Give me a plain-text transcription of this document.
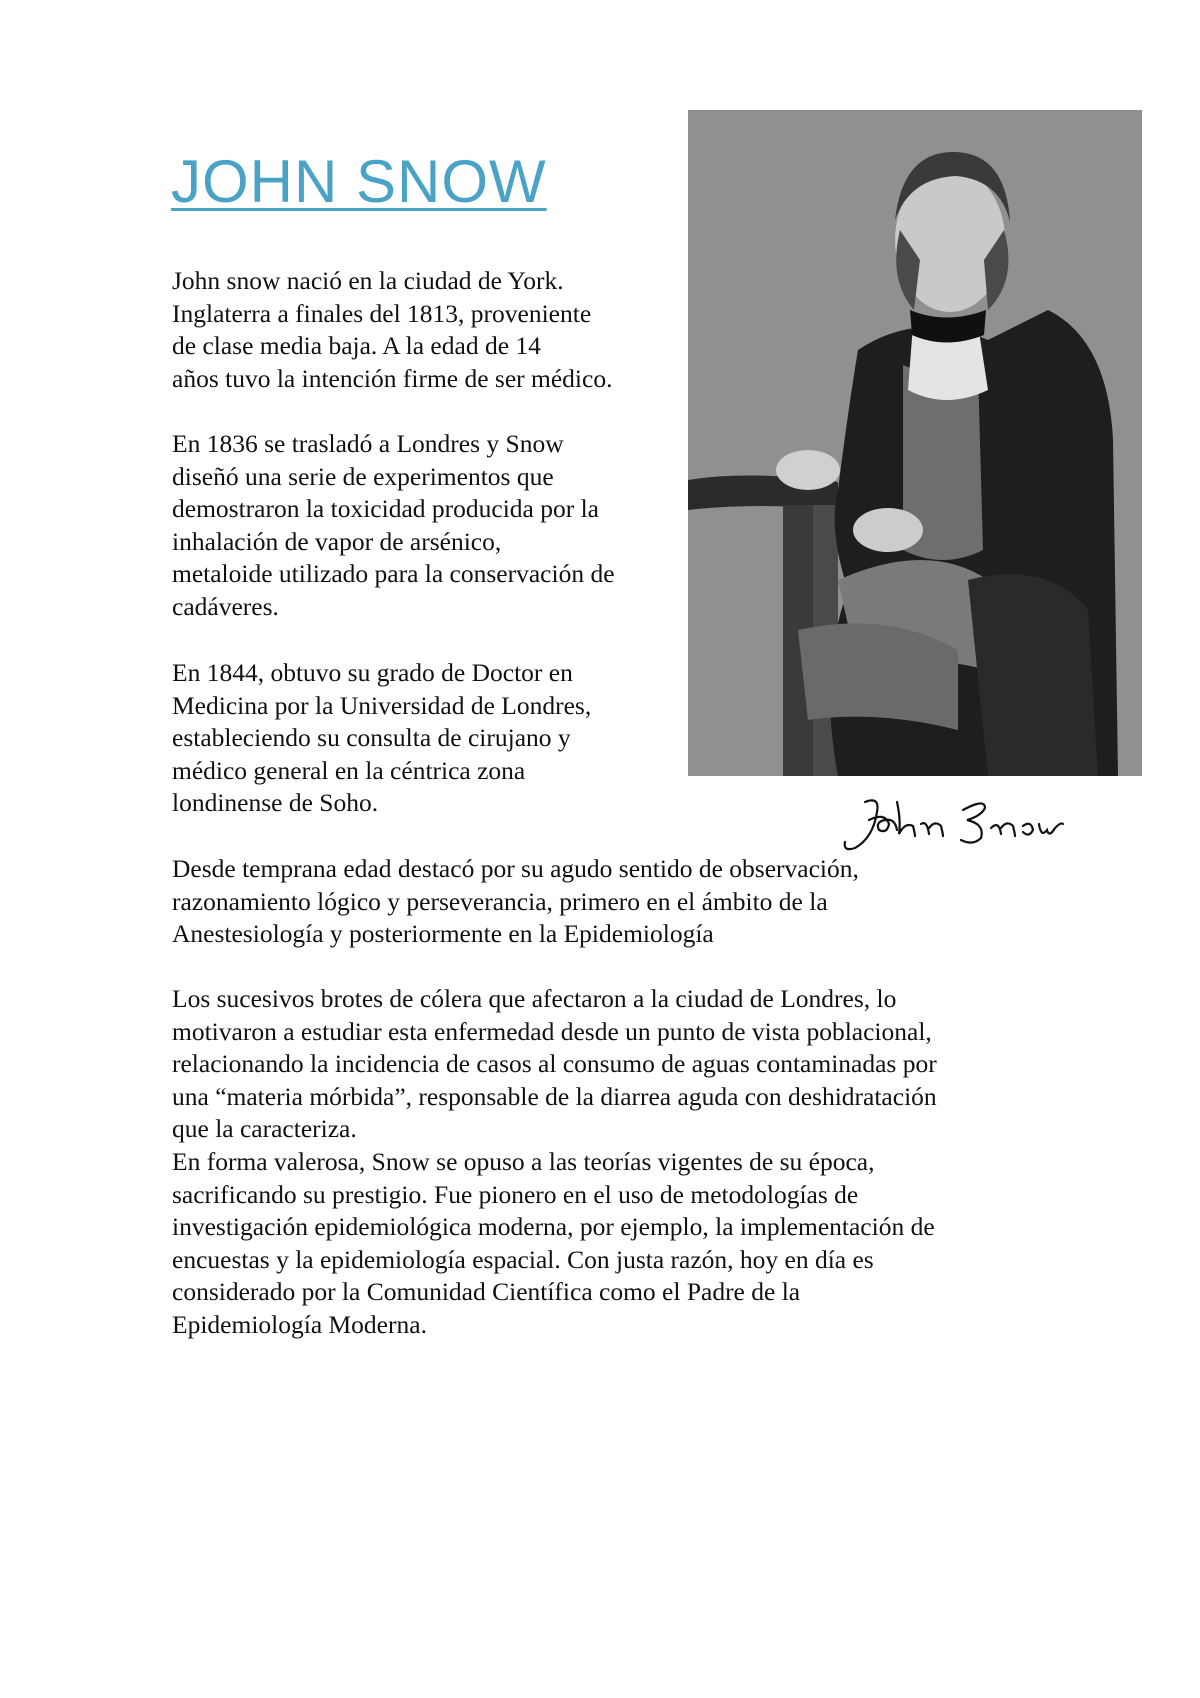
JOHN SNOW

John snow nació en la ciudad de York.
Inglaterra a finales del 1813, proveniente
de clase media baja. A la edad de 14
años tuvo la intención firme de ser médico.

En 1836 se trasladó a Londres y Snow
diseñó una serie de experimentos que
demostraron la toxicidad producida por la
inhalación de vapor de arsénico,
metaloide utilizado para la conservación de
cadáveres.

En 1844, obtuvo su grado de Doctor en
Medicina por la Universidad de Londres,
estableciendo su consulta de cirujano y
médico general en la céntrica zona
londinense de Soho.

Desde temprana edad destacó por su agudo sentido de observación,
razonamiento lógico y perseverancia, primero en el ámbito de la
Anestesiología y posteriormente en la Epidemiología

Los sucesivos brotes de cólera que afectaron a la ciudad de Londres, lo
motivaron a estudiar esta enfermedad desde un punto de vista poblacional,
relacionando la incidencia de casos al consumo de aguas contaminadas por
una “materia mórbida”, responsable de la diarrea aguda con deshidratación
que la caracteriza.
En forma valerosa, Snow se opuso a las teorías vigentes de su época,
sacrificando su prestigio. Fue pionero en el uso de metodologías de
investigación epidemiológica moderna, por ejemplo, la implementación de
encuestas y la epidemiología espacial. Con justa razón, hoy en día es
considerado por la Comunidad Científica como el Padre de la
Epidemiología Moderna.
